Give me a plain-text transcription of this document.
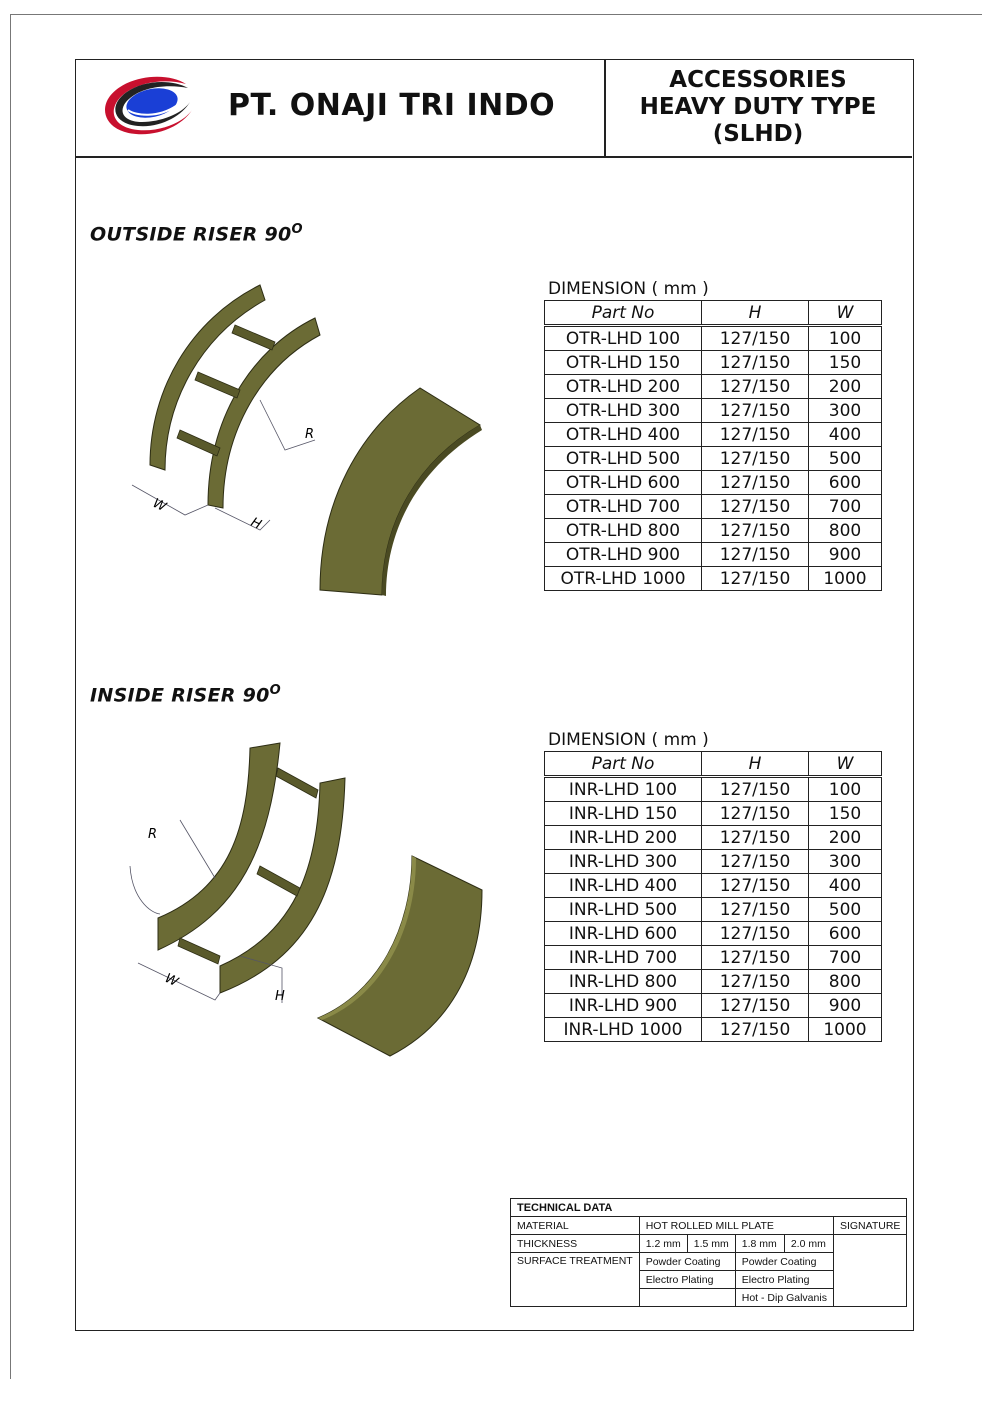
PT. ONAJI TRI INDO
ACCESSORIES
HEAVY DUTY TYPE
(SLHD)
OUTSIDE RISER $90^O$
W
H
R
DIMENSION ( mm )
Part No	H	W
OTR-LHD 100	127/150	100
OTR-LHD 150	127/150	150
OTR-LHD 200	127/150	200
OTR-LHD 300	127/150	300
OTR-LHD 400	127/150	400
OTR-LHD 500	127/150	500
OTR-LHD 600	127/150	600
OTR-LHD 700	127/150	700
OTR-LHD 800	127/150	800
OTR-LHD 900	127/150	900
OTR-LHD 1000	127/150	1000
INSIDE RISER $90^O$
R
W
H
DIMENSION ( mm )
Part No	H	W
INR-LHD 100	127/150	100
INR-LHD 150	127/150	150
INR-LHD 200	127/150	200
INR-LHD 300	127/150	300
INR-LHD 400	127/150	400
INR-LHD 500	127/150	500
INR-LHD 600	127/150	600
INR-LHD 700	127/150	700
INR-LHD 800	127/150	800
INR-LHD 900	127/150	900
INR-LHD 1000	127/150	1000
TECHNICAL DATA					
MATERIAL	HOT ROLLED MILL PLATE				SIGNATURE
THICKNESS	1.2 mm	1.5 mm	1.8 mm	2.0 mm	
SURFACE TREATMENT	Powder Coating		Powder Coating		
	Electro Plating		Electro Plating		
			Hot - Dip Galvanis		
